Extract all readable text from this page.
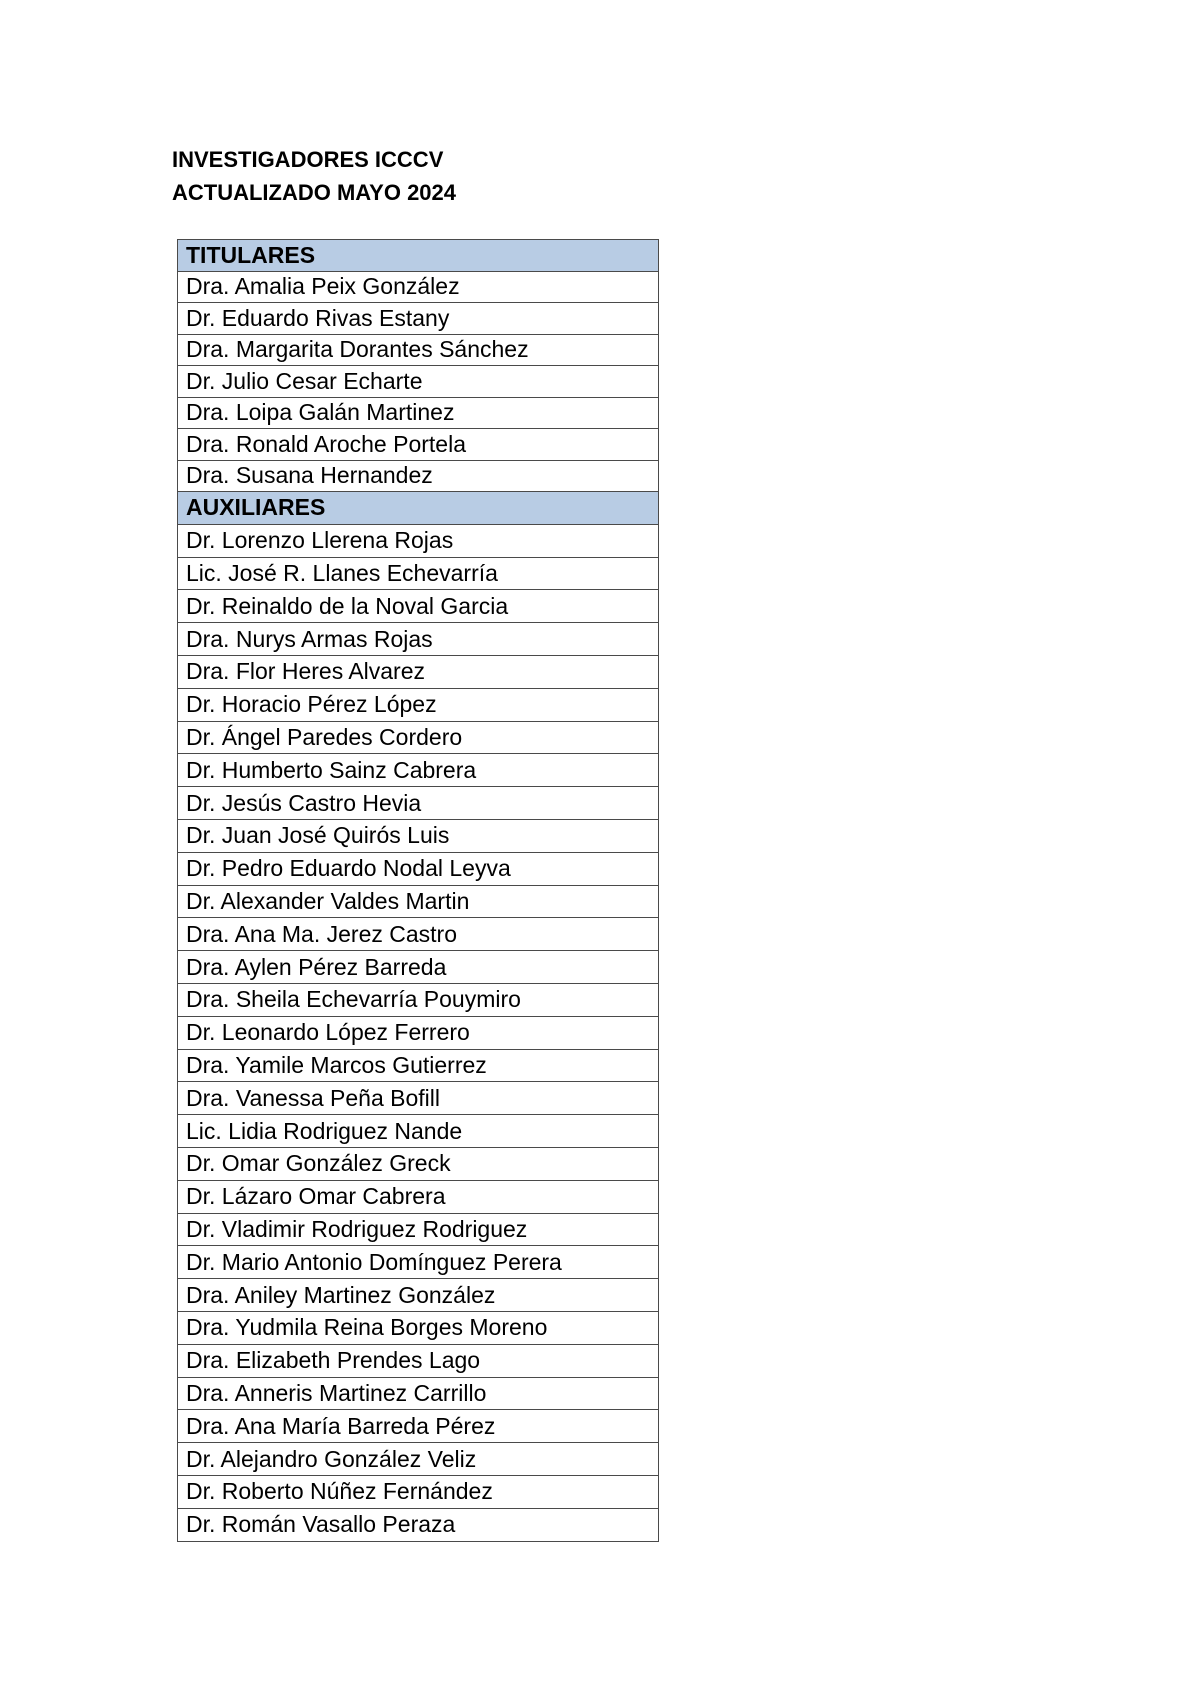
INVESTIGADORES ICCCV
ACTUALIZADO MAYO 2024
TITULARES
Dra. Amalia Peix González
Dr. Eduardo Rivas Estany
Dra. Margarita Dorantes Sánchez
Dr. Julio Cesar Echarte
Dra. Loipa Galán Martinez
Dra. Ronald Aroche Portela
Dra. Susana Hernandez
AUXILIARES
Dr. Lorenzo Llerena Rojas
Lic. José R. Llanes Echevarría
Dr. Reinaldo de la Noval Garcia
Dra. Nurys Armas Rojas
Dra. Flor Heres Alvarez
Dr. Horacio Pérez López
Dr. Ángel Paredes Cordero
Dr. Humberto Sainz Cabrera
Dr. Jesús Castro Hevia
Dr. Juan José Quirós Luis
Dr. Pedro Eduardo Nodal Leyva
Dr. Alexander Valdes Martin
Dra. Ana Ma. Jerez Castro
Dra. Aylen Pérez Barreda
Dra. Sheila Echevarría Pouymiro
Dr. Leonardo López Ferrero
Dra. Yamile Marcos Gutierrez
Dra. Vanessa Peña Bofill
Lic. Lidia Rodriguez Nande
Dr. Omar González Greck
Dr. Lázaro Omar Cabrera
Dr. Vladimir Rodriguez Rodriguez
Dr. Mario Antonio Domínguez Perera
Dra. Aniley Martinez González
Dra. Yudmila Reina Borges Moreno
Dra. Elizabeth Prendes Lago
Dra. Anneris Martinez Carrillo
Dra. Ana María Barreda Pérez
Dr. Alejandro González Veliz
Dr. Roberto Núñez Fernández
Dr. Román Vasallo Peraza
